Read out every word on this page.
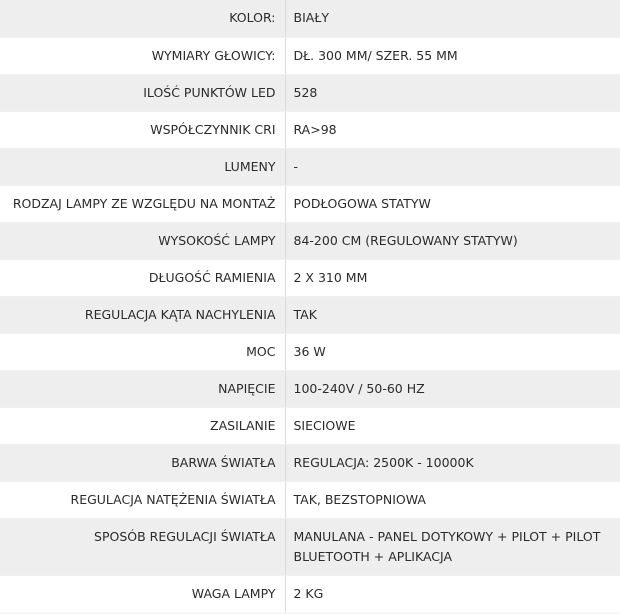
KOLOR:	BIAŁY
WYMIARY GŁOWICY:	DŁ. 300 MM/ SZER. 55 MM
ILOŚĆ PUNKTÓW LED	528
WSPÓŁCZYNNIK CRI	RA>98
LUMENY	-
RODZAJ LAMPY ZE WZGLĘDU NA MONTAŻ	PODŁOGOWA STATYW
WYSOKOŚĆ LAMPY	84-200 CM (REGULOWANY STATYW)
DŁUGOŚĆ RAMIENIA	2 X 310 MM
REGULACJA KĄTA NACHYLENIA	TAK
MOC	36 W
NAPIĘCIE	100-240V / 50-60 HZ
ZASILANIE	SIECIOWE
BARWA ŚWIATŁA	REGULACJA: 2500K - 10000K
REGULACJA NATĘŻENIA ŚWIATŁA	TAK, BEZSTOPNIOWA
SPOSÓB REGULACJI ŚWIATŁA	MANULANA - PANEL DOTYKOWY + PILOT + PILOT BLUETOOTH + APLIKACJA
WAGA LAMPY	2 KG
